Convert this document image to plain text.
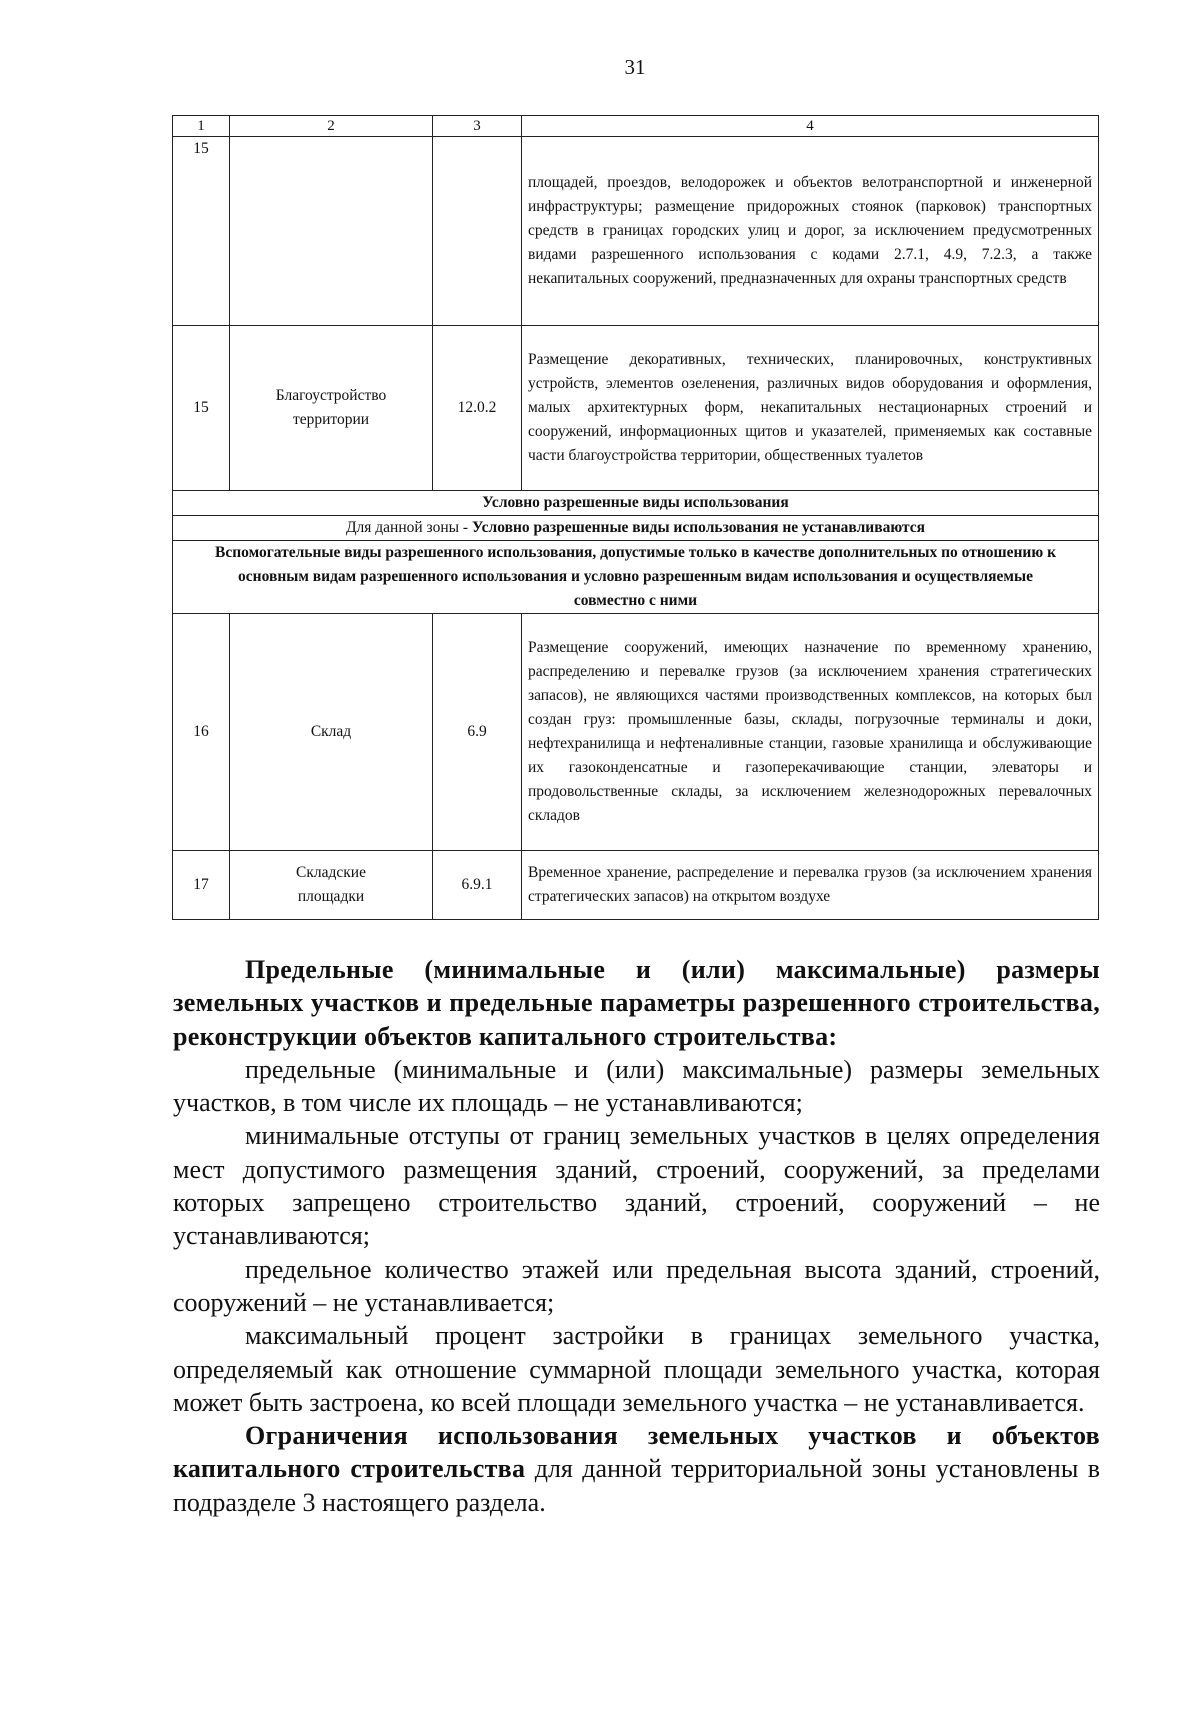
31
1	2	3	4
15			площадей, проездов, велодорожек и объектов велотранспортной и инженерной инфраструктуры; размещение придорожных стоянок (парковок) транспортных средств в границах городских улиц и дорог, за исключением предусмотренных видами разрешенного использования с кодами 2.7.1, 4.9, 7.2.3, а также некапитальных сооружений, предназначенных для охраны транспортных средств
15	Благоустройство территории	12.0.2	Размещение декоративных, технических, планировочных, конструктивных устройств, элементов озеленения, различных видов оборудования и оформления, малых архитектурных форм, некапитальных нестационарных строений и сооружений, информационных щитов и указателей, применяемых как составные части благоустройства территории, общественных туалетов
Условно разрешенные виды использования			
Для данной зоны - Условно разрешенные виды использования не устанавливаются			
Вспомогательные виды разрешенного использования, допустимые только в качестве дополнительных по отношению к основным видам разрешенного использования и условно разрешенным видам использования и осуществляемые совместно с ними			
16	Склад	6.9	Размещение сооружений, имеющих назначение по временному хранению, распределению и перевалке грузов (за исключением хранения стратегических запасов), не являющихся частями производственных комплексов, на которых был создан груз: промышленные базы, склады, погрузочные терминалы и доки, нефтехранилища и нефтеналивные станции, газовые хранилища и обслуживающие их газоконденсатные и газоперекачивающие станции, элеваторы и продовольственные склады, за исключением железнодорожных перевалочных складов
17	Складские площадки	6.9.1	Временное хранение, распределение и перевалка грузов (за исключением хранения стратегических запасов) на открытом воздухе

Предельные (минимальные и (или) максимальные) размеры земельных участков и предельные параметры разрешенного строительства, реконструкции объектов капитального строительства:

предельные (минимальные и (или) максимальные) размеры земельных участков, в том числе их площадь – не устанавливаются;

минимальные отступы от границ земельных участков в целях определения мест допустимого размещения зданий, строений, сооружений, за пределами которых запрещено строительство зданий, строений, сооружений – не устанавливаются;

предельное количество этажей или предельная высота зданий, строений, сооружений – не устанавливается;

максимальный процент застройки в границах земельного участка, определяемый как отношение суммарной площади земельного участка, которая может быть застроена, ко всей площади земельного участка – не устанавливается.

Ограничения использования земельных участков и объектов капитального строительства для данной территориальной зоны установлены в подразделе 3 настоящего раздела.
